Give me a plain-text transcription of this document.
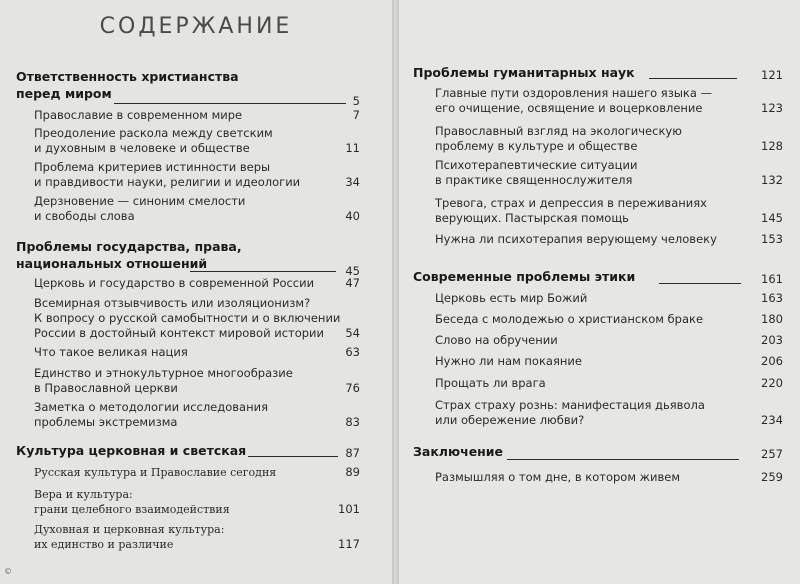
СОДЕРЖАНИЕ
Ответственность христианства
перед миром	5
Православие в современном мире	7
Преодоление раскола между светским
и духовным в человеке и обществе	11
Проблема критериев истинности веры
и правдивости науки, религии и идеологии	34
Дерзновение — синоним смелости
и свободы слова	40
Проблемы государства, права,
национальных отношений	45
Церковь и государство в современной России	47
Всемирная отзывчивость или изоляционизм?
К вопросу о русской самобытности и о включении
России в достойный контекст мировой истории	54
Что такое великая нация	63
Единство и этнокультурное многообразие
в Православной церкви	76
Заметка о методологии исследования
проблемы экстремизма	83
Культура церковная и светская	87
Русская культура и Православие сегодня	89
Вера и культура:
грани целебного взаимодействия	101
Духовная и церковная культура:
их единство и различие	117
©
Проблемы гуманитарных наук	121
Главные пути оздоровления нашего языка —
его очищение, освящение и воцерковление	123
Православный взгляд на экологическую
проблему в культуре и обществе	128
Психотерапевтические ситуации
в практике священнослужителя	132
Тревога, страх и депрессия в переживаниях
верующих. Пастырская помощь	145
Нужна ли психотерапия верующему человеку	153
Современные проблемы этики	161
Церковь есть мир Божий	163
Беседа с молодежью о христианском браке	180
Слово на обручении	203
Нужно ли нам покаяние	206
Прощать ли врага	220
Страх страху рознь: манифестация дьявола
или обережение любви?	234
Заключение	257
Размышляя о том дне, в котором живем	259
